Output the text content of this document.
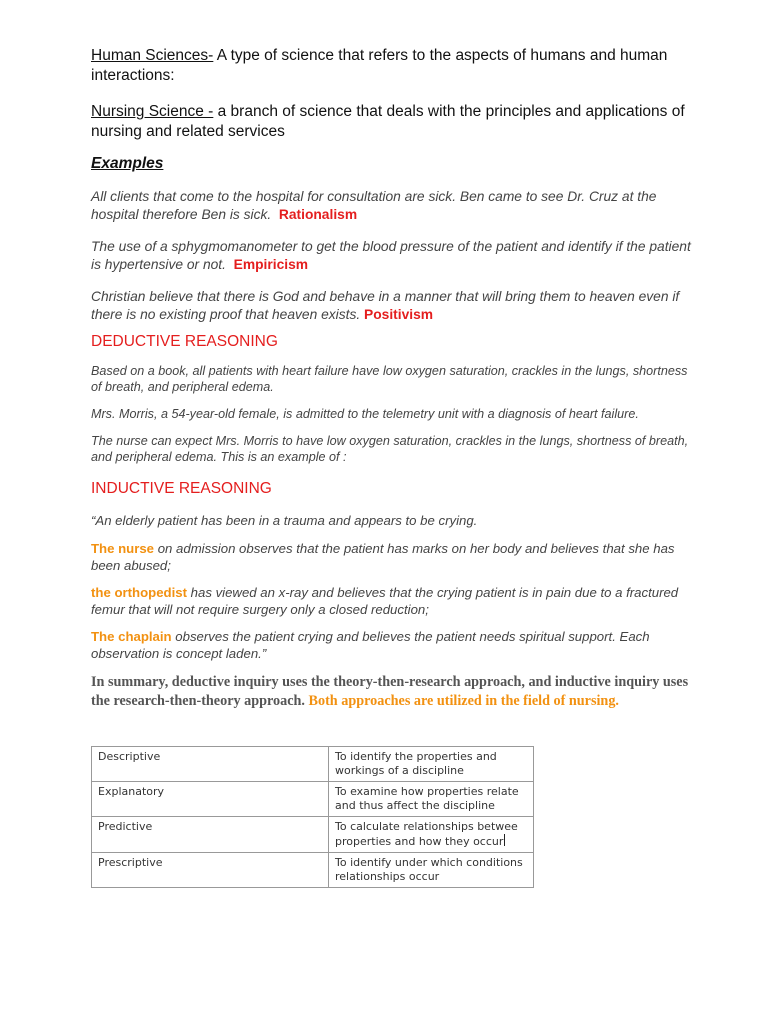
Human Sciences- A type of science that refers to the aspects of humans and human interactions:

Nursing Science - a branch of science that deals with the principles and applications of nursing and related services

Examples

All clients that come to the hospital for consultation are sick. Ben came to see Dr. Cruz at the hospital therefore Ben is sick. Rationalism

The use of a sphygmomanometer to get the blood pressure of the patient and identify if the patient is hypertensive or not. Empiricism

Christian believe that there is God and behave in a manner that will bring them to heaven even if there is no existing proof that heaven exists. Positivism

DEDUCTIVE REASONING

Based on a book, all patients with heart failure have low oxygen saturation, crackles in the lungs, shortness of breath, and peripheral edema.

Mrs. Morris, a 54-year-old female, is admitted to the telemetry unit with a diagnosis of heart failure.

The nurse can expect Mrs. Morris to have low oxygen saturation, crackles in the lungs, shortness of breath, and peripheral edema. This is an example of :

INDUCTIVE REASONING

“An elderly patient has been in a trauma and appears to be crying.

The nurse on admission observes that the patient has marks on her body and believes that she has been abused;

the orthopedist has viewed an x-ray and believes that the crying patient is in pain due to a fractured femur that will not require surgery only a closed reduction;

The chaplain observes the patient crying and believes the patient needs spiritual support. Each observation is concept laden.”

In summary, deductive inquiry uses the theory-then-research approach, and inductive inquiry uses the research-then-theory approach. Both approaches are utilized in the field of nursing.

Descriptive	To identify the properties and workings of a discipline
Explanatory	To examine how properties relate and thus affect the discipline
Predictive	To calculate relationships betwee
properties and how they occur
Prescriptive	To identify under which conditions relationships occur
